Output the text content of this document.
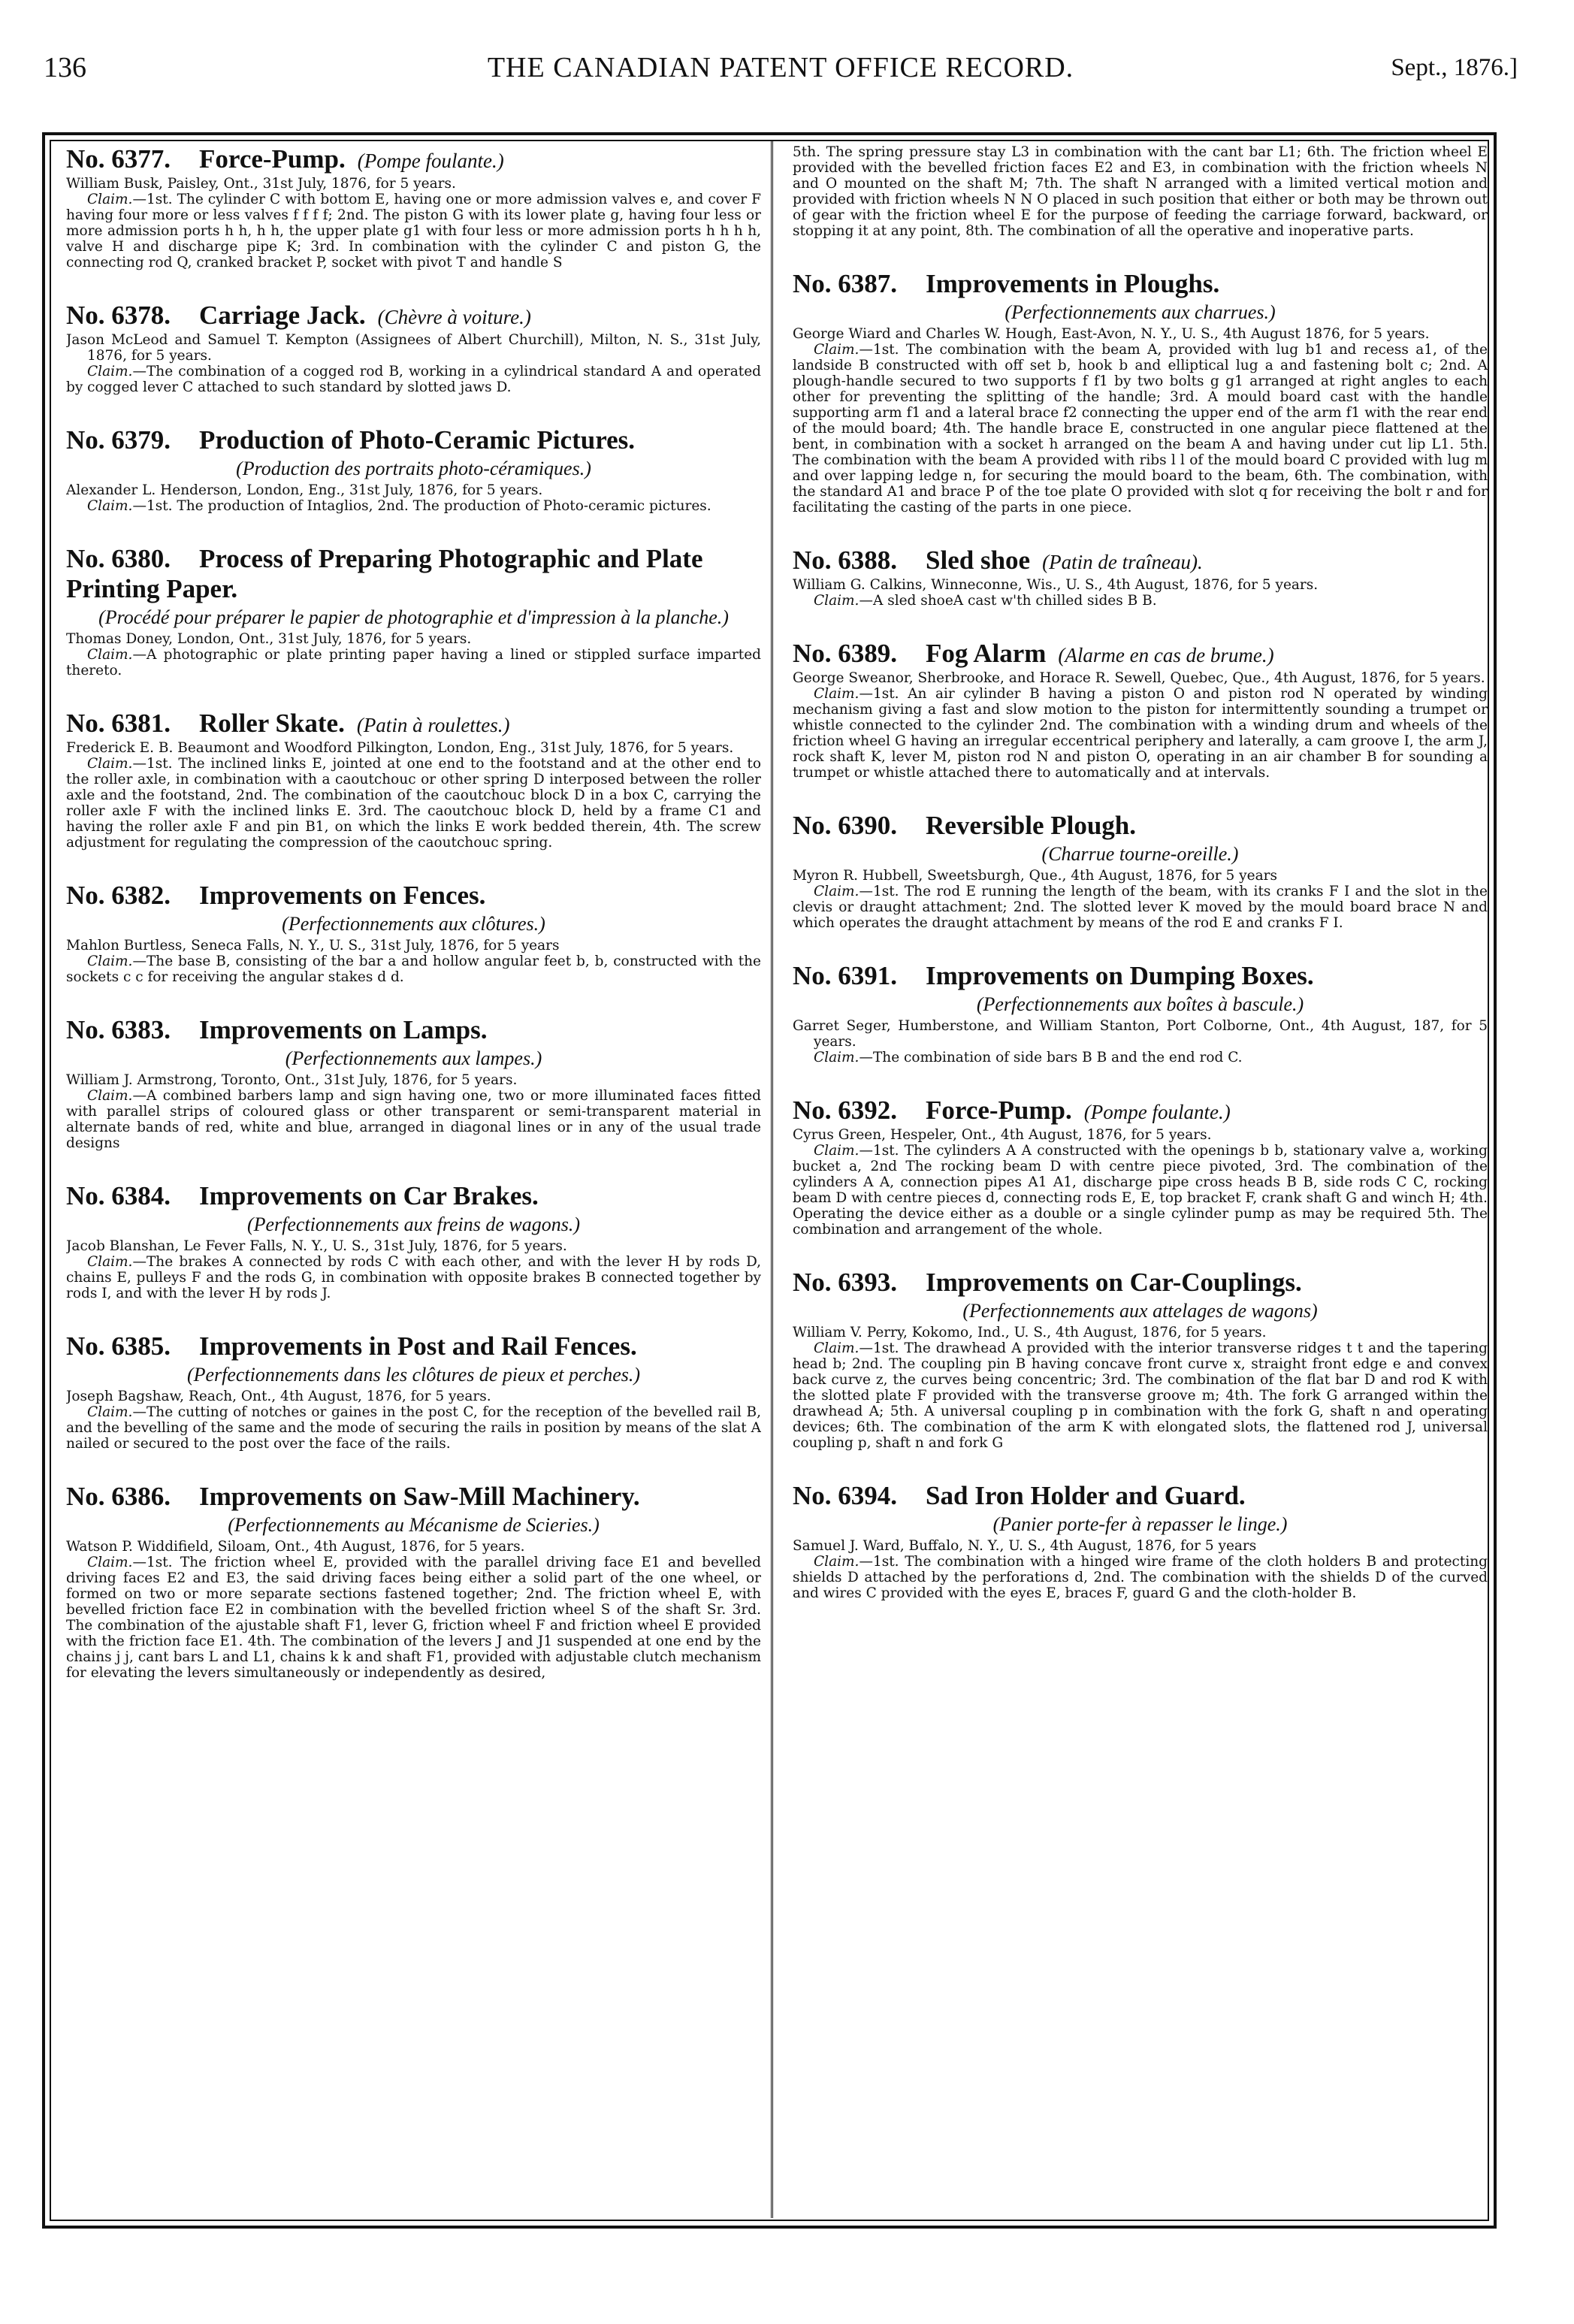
136	THE CANADIAN PATENT OFFICE RECORD.	Sept., 1876.]
No. 6377. Force-Pump. (Pompe foulante.)

William Busk, Paisley, Ont., 31st July, 1876, for 5 years.

Claim.—1st. The cylinder C with bottom E, having one or more admission valves e, and cover F having four more or less valves f f f f; 2nd. The piston G with its lower plate g, having four less or more admission ports h h, h h, the upper plate g1 with four less or more admission ports h h h h, valve H and discharge pipe K; 3rd. In combination with the cylinder C and piston G, the connecting rod Q, cranked bracket P, socket with pivot T and handle S

No. 6378. Carriage Jack. (Chèvre à voiture.)

Jason McLeod and Samuel T. Kempton (Assignees of Albert Churchill), Milton, N. S., 31st July, 1876, for 5 years.

Claim.—The combination of a cogged rod B, working in a cylindrical standard A and operated by cogged lever C attached to such standard by slotted jaws D.

No. 6379. Production of Photo-Ceramic Pictures.
(Production des portraits photo-céramiques.)

Alexander L. Henderson, London, Eng., 31st July, 1876, for 5 years.

Claim.—1st. The production of Intaglios, 2nd. The production of Photo-ceramic pictures.

No. 6380. Process of Preparing Photographic and Plate Printing Paper.
(Procédé pour préparer le papier de photographie et d'impression à la planche.)

Thomas Doney, London, Ont., 31st July, 1876, for 5 years.

Claim.—A photographic or plate printing paper having a lined or stippled surface imparted thereto.

No. 6381. Roller Skate. (Patin à roulettes.)

Frederick E. B. Beaumont and Woodford Pilkington, London, Eng., 31st July, 1876, for 5 years.

Claim.—1st. The inclined links E, jointed at one end to the footstand and at the other end to the roller axle, in combination with a caoutchouc or other spring D interposed between the roller axle and the footstand, 2nd. The combination of the caoutchouc block D in a box C, carrying the roller axle F with the inclined links E. 3rd. The caoutchouc block D, held by a frame C1 and having the roller axle F and pin B1, on which the links E work bedded therein, 4th. The screw adjustment for regulating the compression of the caoutchouc spring.

No. 6382. Improvements on Fences.
(Perfectionnements aux clôtures.)

Mahlon Burtless, Seneca Falls, N. Y., U. S., 31st July, 1876, for 5 years

Claim.—The base B, consisting of the bar a and hollow angular feet b, b, constructed with the sockets c c for receiving the angular stakes d d.

No. 6383. Improvements on Lamps.
(Perfectionnements aux lampes.)

William J. Armstrong, Toronto, Ont., 31st July, 1876, for 5 years.

Claim.—A combined barbers lamp and sign having one, two or more illuminated faces fitted with parallel strips of coloured glass or other transparent or semi-transparent material in alternate bands of red, white and blue, arranged in diagonal lines or in any of the usual trade designs

No. 6384. Improvements on Car Brakes.
(Perfectionnements aux freins de wagons.)

Jacob Blanshan, Le Fever Falls, N. Y., U. S., 31st July, 1876, for 5 years.

Claim.—The brakes A connected by rods C with each other, and with the lever H by rods D, chains E, pulleys F and the rods G, in combination with opposite brakes B connected together by rods I, and with the lever H by rods J.

No. 6385. Improvements in Post and Rail Fences.
(Perfectionnements dans les clôtures de pieux et perches.)

Joseph Bagshaw, Reach, Ont., 4th August, 1876, for 5 years.

Claim.—The cutting of notches or gaines in the post C, for the reception of the bevelled rail B, and the bevelling of the same and the mode of securing the rails in position by means of the slat A nailed or secured to the post over the face of the rails.

No. 6386. Improvements on Saw-Mill Machinery.
(Perfectionnements au Mécanisme de Scieries.)

Watson P. Widdifield, Siloam, Ont., 4th August, 1876, for 5 years.

Claim.—1st. The friction wheel E, provided with the parallel driving face E1 and bevelled driving faces E2 and E3, the said driving faces being either a solid part of the one wheel, or formed on two or more separate sections fastened together; 2nd. The friction wheel E, with bevelled friction face E2 in combination with the bevelled friction wheel S of the shaft Sr. 3rd. The combination of the ajustable shaft F1, lever G, friction wheel F and friction wheel E provided with the friction face E1. 4th. The combination of the levers J and J1 suspended at one end by the chains j j, cant bars L and L1, chains k k and shaft F1, provided with adjustable clutch mechanism for elevating the levers simultaneously or independently as desired,

5th. The spring pressure stay L3 in combination with the cant bar L1; 6th. The friction wheel E provided with the bevelled friction faces E2 and E3, in combination with the friction wheels N and O mounted on the shaft M; 7th. The shaft N arranged with a limited vertical motion and provided with friction wheels N N O placed in such position that either or both may be thrown out of gear with the friction wheel E for the purpose of feeding the carriage forward, backward, or stopping it at any point, 8th. The combination of all the operative and inoperative parts.

No. 6387. Improvements in Ploughs.
(Perfectionnements aux charrues.)

George Wiard and Charles W. Hough, East-Avon, N. Y., U. S., 4th August 1876, for 5 years.

Claim.—1st. The combination with the beam A, provided with lug b1 and recess a1, of the landside B constructed with off set b, hook b and elliptical lug a and fastening bolt c; 2nd. A plough-handle secured to two supports f f1 by two bolts g g1 arranged at right angles to each other for preventing the splitting of the handle; 3rd. A mould board cast with the handle supporting arm f1 and a lateral brace f2 connecting the upper end of the arm f1 with the rear end of the mould board; 4th. The handle brace E, constructed in one angular piece flattened at the bent, in combination with a socket h arranged on the beam A and having under cut lip L1. 5th. The combination with the beam A provided with ribs l l of the mould board C provided with lug m and over lapping ledge n, for securing the mould board to the beam, 6th. The combination, with the standard A1 and brace P of the toe plate O provided with slot q for receiving the bolt r and for facilitating the casting of the parts in one piece.

No. 6388. Sled shoe (Patin de traîneau).

William G. Calkins, Winneconne, Wis., U. S., 4th August, 1876, for 5 years.

Claim.—A sled shoeA cast w'th chilled sides B B.

No. 6389. Fog Alarm (Alarme en cas de brume.)

George Sweanor, Sherbrooke, and Horace R. Sewell, Quebec, Que., 4th August, 1876, for 5 years.

Claim.—1st. An air cylinder B having a piston O and piston rod N operated by winding mechanism giving a fast and slow motion to the piston for intermittently sounding a trumpet or whistle connected to the cylinder 2nd. The combination with a winding drum and wheels of the friction wheel G having an irregular eccentrical periphery and laterally, a cam groove I, the arm J, rock shaft K, lever M, piston rod N and piston O, operating in an air chamber B for sounding a trumpet or whistle attached there to automatically and at intervals.

No. 6390. Reversible Plough.
(Charrue tourne-oreille.)

Myron R. Hubbell, Sweetsburgh, Que., 4th August, 1876, for 5 years

Claim.—1st. The rod E running the length of the beam, with its cranks F I and the slot in the clevis or draught attachment; 2nd. The slotted lever K moved by the mould board brace N and which operates the draught attachment by means of the rod E and cranks F I.

No. 6391. Improvements on Dumping Boxes.
(Perfectionnements aux boîtes à bascule.)

Garret Seger, Humberstone, and William Stanton, Port Colborne, Ont., 4th August, 187, for 5 years.

Claim.—The combination of side bars B B and the end rod C.

No. 6392. Force-Pump. (Pompe foulante.)

Cyrus Green, Hespeler, Ont., 4th August, 1876, for 5 years.

Claim.—1st. The cylinders A A constructed with the openings b b, stationary valve a, working bucket a, 2nd The rocking beam D with centre piece pivoted, 3rd. The combination of the cylinders A A, connection pipes A1 A1, discharge pipe cross heads B B, side rods C C, rocking beam D with centre pieces d, connecting rods E, E, top bracket F, crank shaft G and winch H; 4th. Operating the device either as a double or a single cylinder pump as may be required 5th. The combination and arrangement of the whole.

No. 6393. Improvements on Car-Couplings.
(Perfectionnements aux attelages de wagons)

William V. Perry, Kokomo, Ind., U. S., 4th August, 1876, for 5 years.

Claim.—1st. The drawhead A provided with the interior transverse ridges t t and the tapering head b; 2nd. The coupling pin B having concave front curve x, straight front edge e and convex back curve z, the curves being concentric; 3rd. The combination of the flat bar D and rod K with the slotted plate F provided with the transverse groove m; 4th. The fork G arranged within the drawhead A; 5th. A universal coupling p in combination with the fork G, shaft n and operating devices; 6th. The combination of the arm K with elongated slots, the flattened rod J, universal coupling p, shaft n and fork G

No. 6394. Sad Iron Holder and Guard.
(Panier porte-fer à repasser le linge.)

Samuel J. Ward, Buffalo, N. Y., U. S., 4th August, 1876, for 5 years

Claim.—1st. The combination with a hinged wire frame of the cloth holders B and protecting shields D attached by the perforations d, 2nd. The combination with the shields D of the curved and wires C provided with the eyes E, braces F, guard G and the cloth-holder B.
